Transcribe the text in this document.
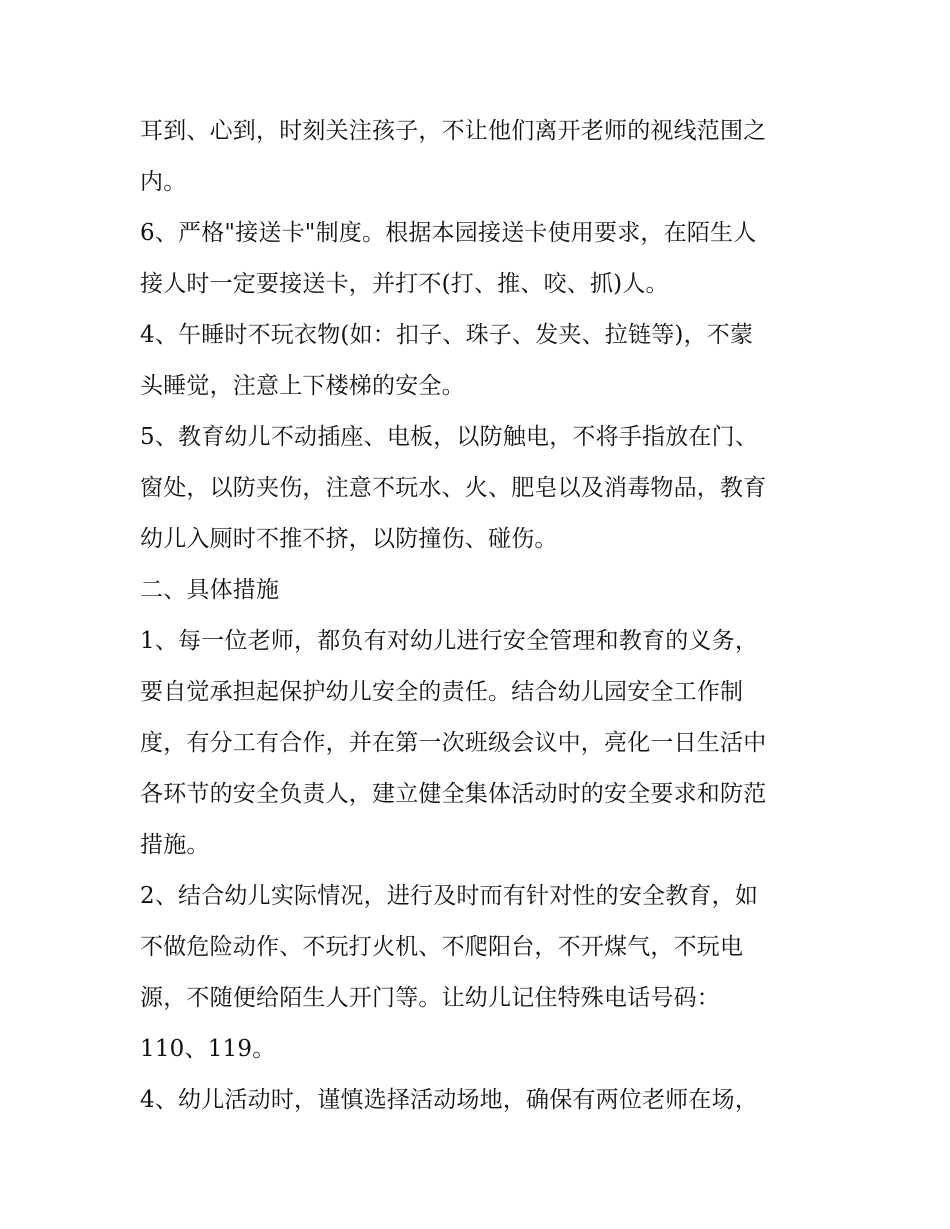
耳到、心到，时刻关注孩子，不让他们离开老师的视线范围之
内。
6、严格"接送卡"制度。根据本园接送卡使用要求，在陌生人
接人时一定要接送卡，并打不(打、推、咬、抓)人。
4、午睡时不玩衣物(如：扣子、珠子、发夹、拉链等)，不蒙
头睡觉，注意上下楼梯的安全。
5、教育幼儿不动插座、电板，以防触电，不将手指放在门、
窗处，以防夹伤，注意不玩水、火、肥皂以及消毒物品，教育
幼儿入厕时不推不挤，以防撞伤、碰伤。
二、具体措施
1、每一位老师，都负有对幼儿进行安全管理和教育的义务，
要自觉承担起保护幼儿安全的责任。结合幼儿园安全工作制
度，有分工有合作，并在第一次班级会议中，亮化一日生活中
各环节的安全负责人，建立健全集体活动时的安全要求和防范
措施。
2、结合幼儿实际情况，进行及时而有针对性的安全教育，如
不做危险动作、不玩打火机、不爬阳台，不开煤气，不玩电
源，不随便给陌生人开门等。让幼儿记住特殊电话号码：
110、119。
4、幼儿活动时，谨慎选择活动场地，确保有两位老师在场，
